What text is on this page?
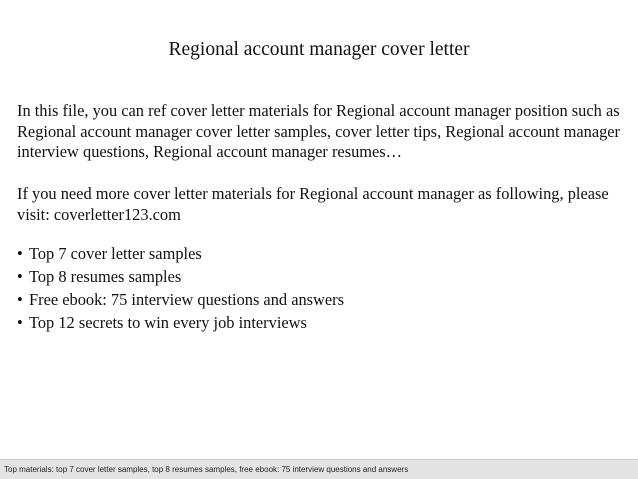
Regional account manager cover letter

In this file, you can ref cover letter materials for Regional account manager position such as Regional account manager cover letter samples, cover letter tips, Regional account manager interview questions, Regional account manager resumes…

If you need more cover letter materials for Regional account manager as following, please visit: coverletter123.com

• Top 7 cover letter samples
• Top 8 resumes samples
• Free ebook: 75 interview questions and answers
• Top 12 secrets to win every job interviews
Top materials: top 7 cover letter samples, top 8 resumes samples, free ebook: 75 interview questions and answers
